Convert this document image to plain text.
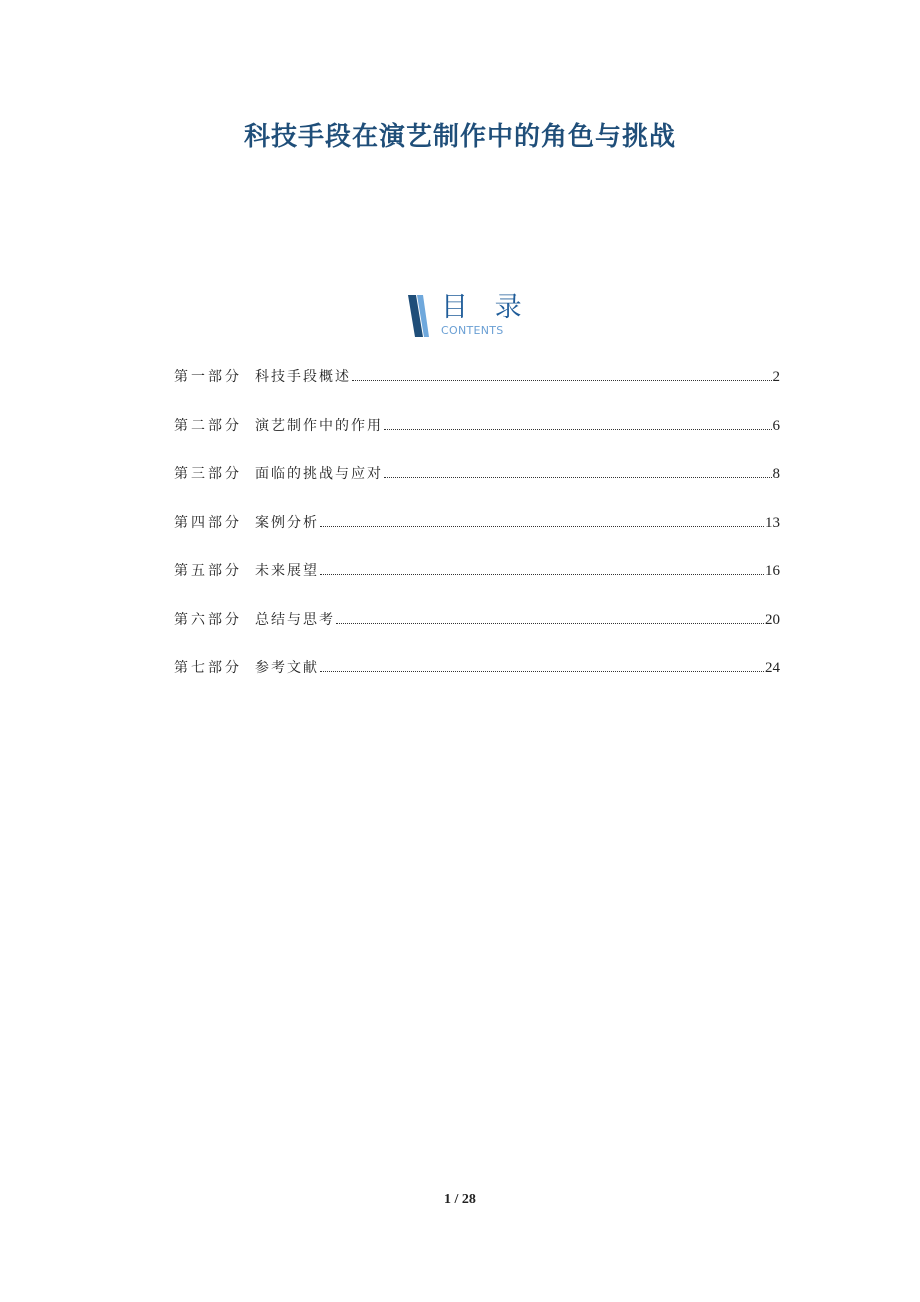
科技手段在演艺制作中的角色与挑战
目 录
CONTENTS
第一部分 科技手段概述	2
第二部分 演艺制作中的作用	6
第三部分 面临的挑战与应对	8
第四部分 案例分析	13
第五部分 未来展望	16
第六部分 总结与思考	20
第七部分 参考文献	24
1 / 28
